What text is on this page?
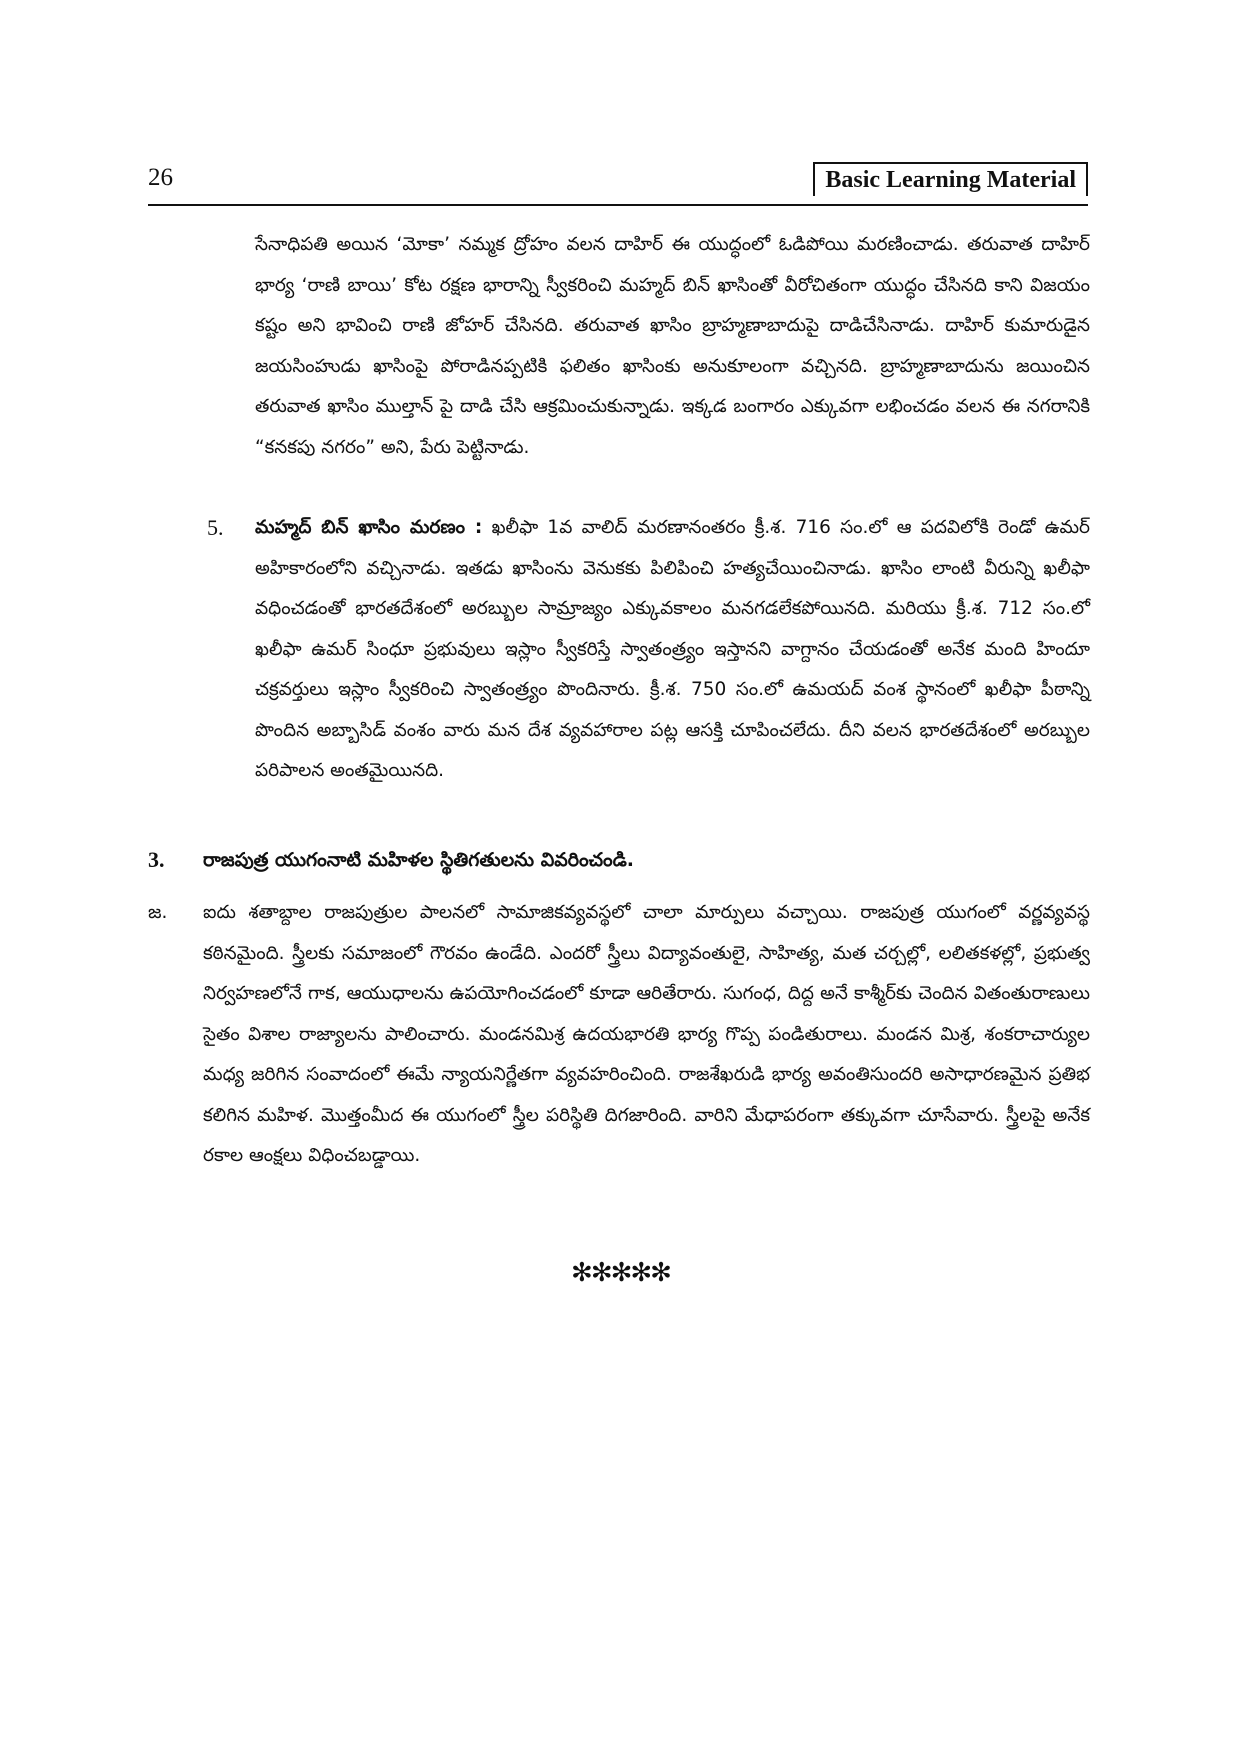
26	Basic Learning Material
సేనాధిపతి అయిన ‘మోకా’ నమ్మక ద్రోహం వలన దాహిర్ ఈ యుద్ధంలో ఓడిపోయి మరణించాడు. తరువాత దాహిర్ భార్య ‘రాణి బాయి’ కోట రక్షణ భారాన్ని స్వీకరించి మహ్మద్ బిన్ ఖాసింతో వీరోచితంగా యుద్ధం చేసినది కాని విజయం కష్టం అని భావించి రాణి జోహర్ చేసినది. తరువాత ఖాసిం బ్రాహ్మణాబాదుపై దాడిచేసినాడు. దాహిర్ కుమారుడైన జయసింహుడు ఖాసింపై పోరాడినప్పటికి ఫలితం ఖాసింకు అనుకూలంగా వచ్చినది. బ్రాహ్మణాబాదును జయించిన తరువాత ఖాసిం ముల్తాన్ పై దాడి చేసి ఆక్రమించుకున్నాడు. ఇక్కడ బంగారం ఎక్కువగా లభించడం వలన ఈ నగరానికి “కనకపు నగరం” అని, పేరు పెట్టినాడు.
5. మహ్మద్ బిన్ ఖాసిం మరణం : ఖలీఫా 1వ వాలిద్ మరణానంతరం క్రీ.శ. 716 సం.లో ఆ పదవిలోకి రెండో ఉమర్ అహికారంలోని వచ్చినాడు. ఇతడు ఖాసింను వెనుకకు పిలిపించి హత్యచేయించినాడు. ఖాసిం లాంటి వీరున్ని ఖలీఫా వధించడంతో భారతదేశంలో అరబ్బుల సామ్రాజ్యం ఎక్కువకాలం మనగడలేకపోయినది. మరియు క్రీ.శ. 712 సం.లో ఖలీఫా ఉమర్ సింధూ ప్రభువులు ఇస్లాం స్వీకరిస్తే స్వాతంత్ర్యం ఇస్తానని వాగ్దానం చేయడంతో అనేక మంది హిందూ చక్రవర్తులు ఇస్లాం స్వీకరించి స్వాతంత్ర్యం పొందినారు. క్రీ.శ. 750 సం.లో ఉమయద్ వంశ స్థానంలో ఖలీఫా పీఠాన్ని పొందిన అబ్బాసిడ్ వంశం వారు మన దేశ వ్యవహారాల పట్ల ఆసక్తి చూపించలేదు. దీని వలన భారతదేశంలో అరబ్బుల పరిపాలన అంతమైయినది.
3. రాజపుత్ర యుగంనాటి మహిళల స్థితిగతులను వివరించండి.
జ. ఐదు శతాబ్దాల రాజపుత్రుల పాలనలో సామాజికవ్యవస్థలో చాలా మార్పులు వచ్చాయి. రాజపుత్ర యుగంలో వర్ణవ్యవస్థ కఠినమైంది. స్త్రీలకు సమాజంలో గౌరవం ఉండేది. ఎందరో స్త్రీలు విద్యావంతులై, సాహిత్య, మత చర్చల్లో, లలితకళల్లో, ప్రభుత్వ నిర్వహణలోనే గాక, ఆయుధాలను ఉపయోగించడంలో కూడా ఆరితేరారు. సుగంధ, దిద్ద అనే కాశ్మీర్‌కు చెందిన వితంతురాణులు సైతం విశాల రాజ్యాలను పాలించారు. మండనమిశ్ర ఉదయభారతి భార్య గొప్ప పండితురాలు. మండన మిశ్ర, శంకరాచార్యుల మధ్య జరిగిన సంవాదంలో ఈమే న్యాయనిర్ణేతగా వ్యవహరించింది. రాజశేఖరుడి భార్య అవంతిసుందరి అసాధారణమైన ప్రతిభ కలిగిన మహిళ. మొత్తంమీద ఈ యుగంలో స్త్రీల పరిస్థితి దిగజారింది. వారిని మేధాపరంగా తక్కువగా చూసేవారు. స్త్రీలపై అనేక రకాల ఆంక్షలు విధించబడ్డాయి.
✻✻✻✻✻
